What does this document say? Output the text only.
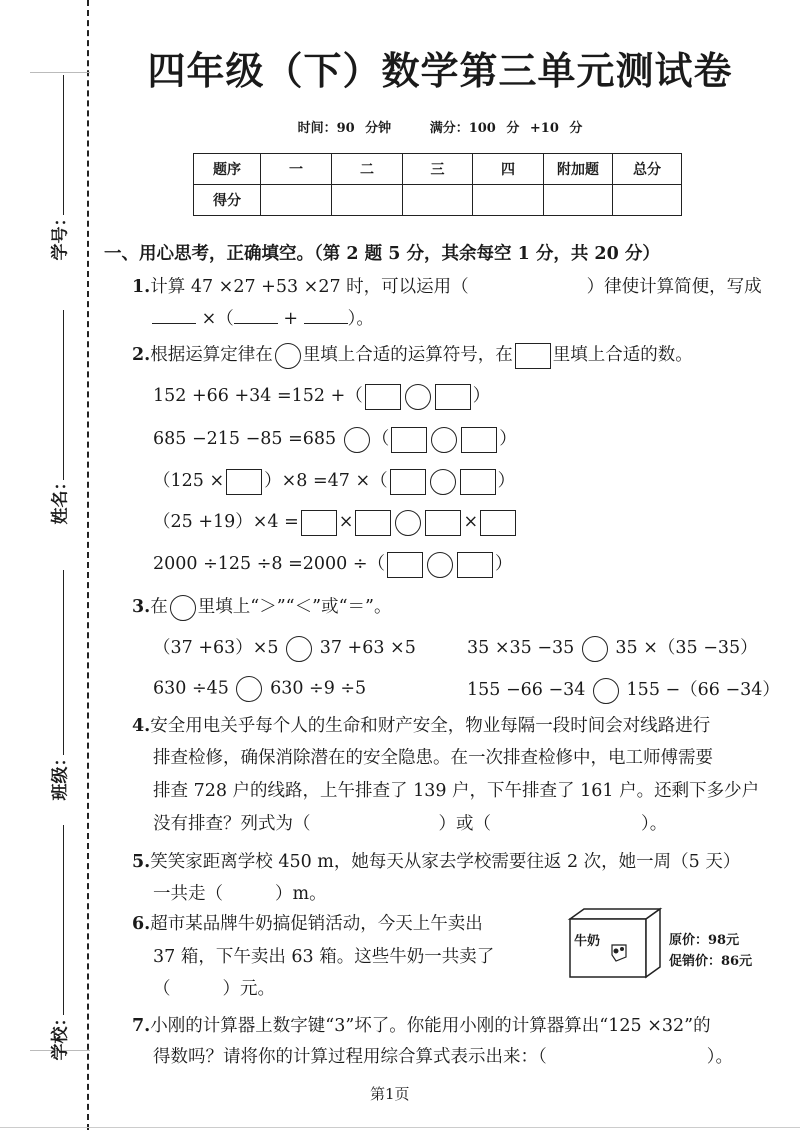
学号：
姓名：
班级：
学校：
四年级（下）数学第三单元测试卷
时间：90 分钟	满分：100 分 +10 分
题序	一	二	三	四	附加题	总分
得分						
一、用心思考，正确填空。（第 2 题 5 分，其余每空 1 分，共 20 分）
1.计算 47 ×27 +53 ×27 时，可以运用（	）律使计算简便，写成
×（	+	）。
2.根据运算定律在 里填上合适的运算符号，在 里填上合适的数。
152 +66 +34 =152 +（	）
685 −215 −85 =685 （	）
（125 × ）×8 =47 ×（	）
（25 +19）×4 = ×	×
2000 ÷125 ÷8 =2000 ÷（	）
3.在 里填上“＞”“＜”或“＝”。
（37 +63）×5 37 +63 ×5	35 ×35 −35 35 ×（35 −35）
630 ÷45 630 ÷9 ÷5	155 −66 −34 155 −（66 −34）
4.安全用电关乎每个人的生命和财产安全，物业每隔一段时间会对线路进行
排查检修，确保消除潜在的安全隐患。在一次排查检修中，电工师傅需要
排查 728 户的线路，上午排查了 139 户，下午排查了 161 户。还剩下多少户
没有排查？列式为（	）或（	）。
5.笑笑家距离学校 450 m，她每天从家去学校需要往返 2 次，她一周（5 天）
一共走（	）m。
6.超市某品牌牛奶搞促销活动，今天上午卖出
37 箱，下午卖出 63 箱。这些牛奶一共卖了
（	）元。
牛奶	原价：98元
促销价：86元
7.小刚的计算器上数字键“3”坏了。你能用小刚的计算器算出“125 ×32”的
得数吗？请将你的计算过程用综合算式表示出来：（	）。
第1页
